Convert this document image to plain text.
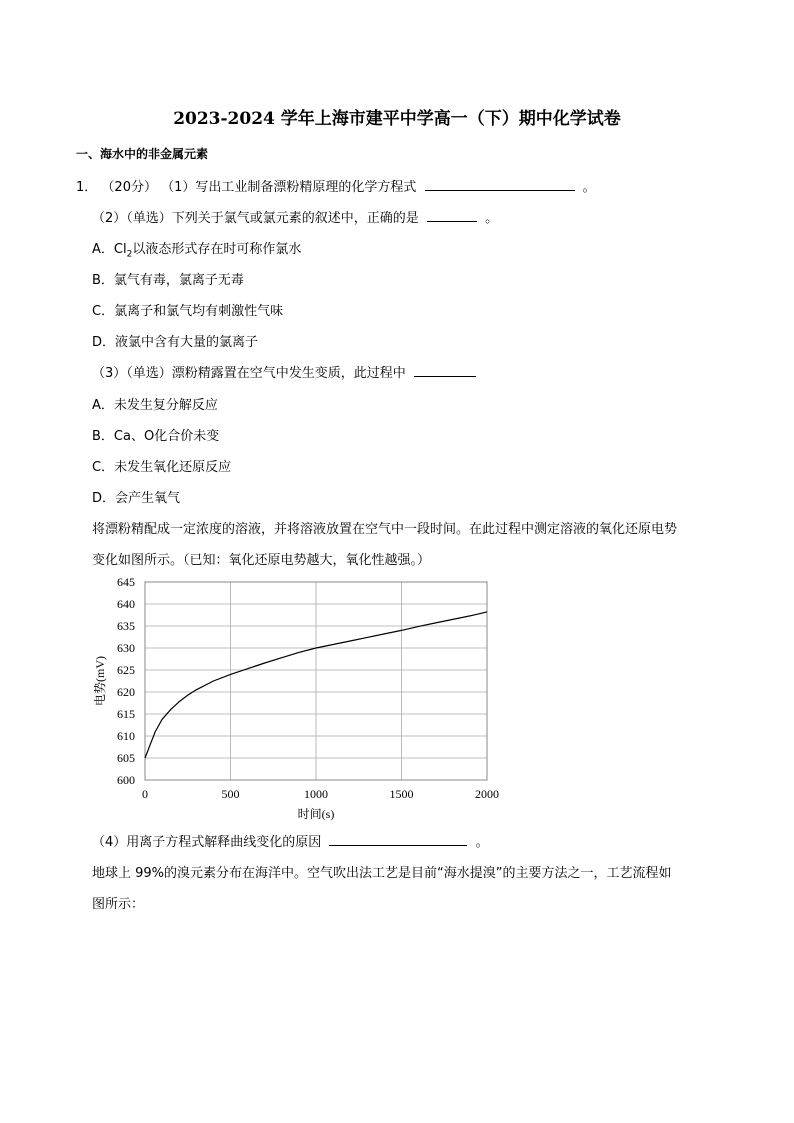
2023-2024 学年上海市建平中学高一（下）期中化学试卷
一、海水中的非金属元素
1． （20分） （1）写出工业制备漂粉精原理的化学方程式	。
（2）（单选）下列关于氯气或氯元素的叙述中，正确的是	。
A．$Cl_2$以液态形式存在时可称作氯水
B．氯气有毒，氯离子无毒
C．氯离子和氯气均有刺激性气味
D．液氯中含有大量的氯离子
（3）（单选）漂粉精露置在空气中发生变质，此过程中
A．未发生复分解反应
B．Ca、O化合价未变
C．未发生氧化还原反应
D．会产生氧气
将漂粉精配成一定浓度的溶液，并将溶液放置在空气中一段时间。在此过程中测定溶液的氧化还原电势
变化如图所示。（已知：氧化还原电势越大，氧化性越强。）
600
605
610
615
620
625
630
635
640
645
0	500	1000	1500	2000
电势(mV)
时间(s)
（4）用离子方程式解释曲线变化的原因	。
地球上 99%的溴元素分布在海洋中。空气吹出法工艺是目前“海水提溴”的主要方法之一，工艺流程如
图所示：
